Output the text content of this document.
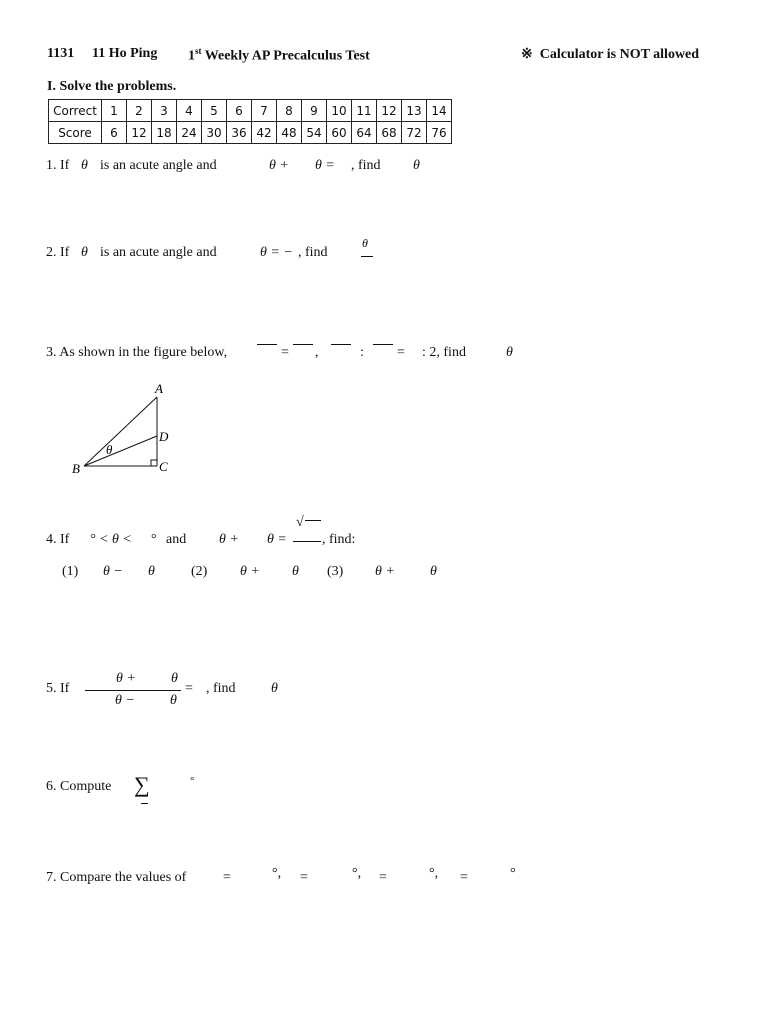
1131 11 Ho Ping 1st Weekly AP Precalculus Test	※ Calculator is NOT allowed
I. Solve the problems.
Correct	1	2	3	4	5	6	7	8	9	10	11	12	13	14
Score	6	12	18	24	30	36	42	48	54	60	64	68	72	76
1. If θ is an acute angle and	θ + θ = , find θ
2. If θ is an acute angle and	θ = − , find
θ
3. As shown in the figure below,	= ,	: = : 2, find	θ
A
D
B	C
θ
4. If ° < θ < ° and θ + θ =
√
, find:
(1) θ − θ	(2) θ + θ (3) θ +	θ
5. If
θ +	θ
θ −	θ
= , find	θ
6. Compute ∑	°
7. Compare the values of	=	°, =	°, =	°, =	°
